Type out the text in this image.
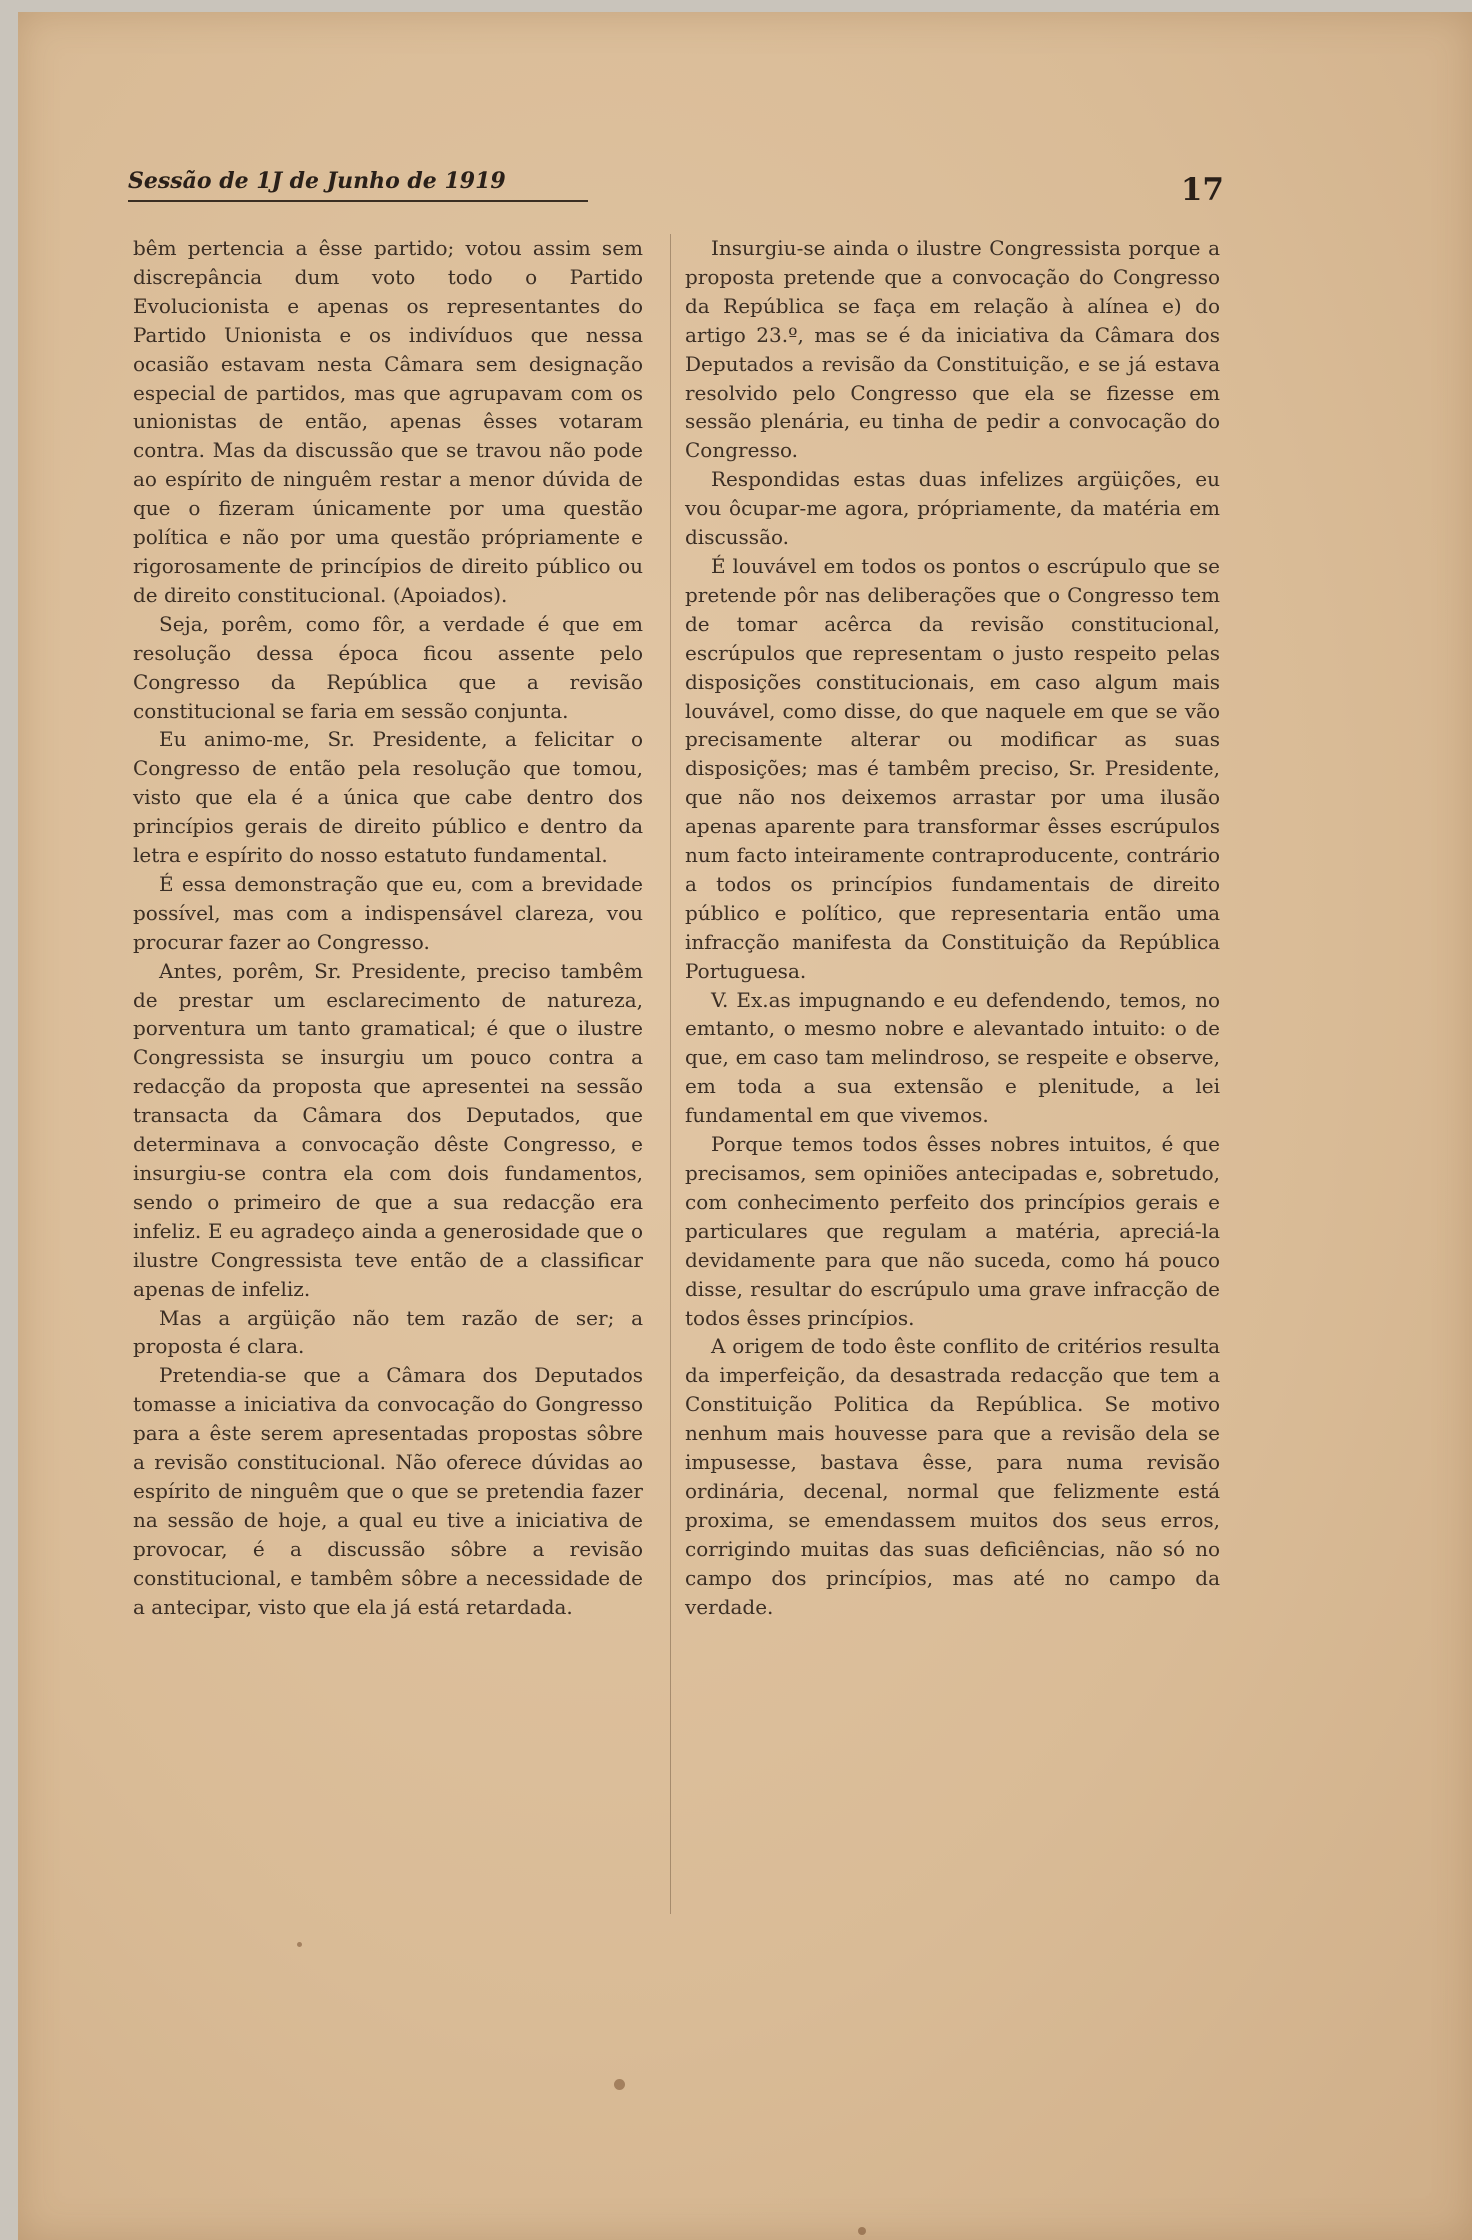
Sessão de 1J de Junho de 1919	17

bêm pertencia a êsse partido; votou assim sem discrepância dum voto todo o Partido Evolucionista e apenas os representantes do Partido Unionista e os indivíduos que nessa ocasião estavam nesta Câmara sem designação especial de partidos, mas que agrupavam com os unionistas de então, apenas êsses votaram contra. Mas da discussão que se travou não pode ao espírito de ninguêm restar a menor dúvida de que o fizeram únicamente por uma questão política e não por uma questão própriamente e rigorosamente de princípios de direito público ou de direito constitucional. (Apoiados).

Seja, porêm, como fôr, a verdade é que em resolução dessa época ficou assente pelo Congresso da República que a revisão constitucional se faria em sessão conjunta.

Eu animo-me, Sr. Presidente, a felicitar o Congresso de então pela resolução que tomou, visto que ela é a única que cabe dentro dos princípios gerais de direito público e dentro da letra e espírito do nosso estatuto fundamental.

É essa demonstração que eu, com a brevidade possível, mas com a indispensável clareza, vou procurar fazer ao Congresso.

Antes, porêm, Sr. Presidente, preciso tambêm de prestar um esclarecimento de natureza, porventura um tanto gramatical; é que o ilustre Congressista se insurgiu um pouco contra a redacção da proposta que apresentei na sessão transacta da Câmara dos Deputados, que determinava a convocação dêste Congresso, e insurgiu-se contra ela com dois fundamentos, sendo o primeiro de que a sua redacção era infeliz. E eu agradeço ainda a generosidade que o ilustre Congressista teve então de a classificar apenas de infeliz.

Mas a argüição não tem razão de ser; a proposta é clara.

Pretendia-se que a Câmara dos Deputados tomasse a iniciativa da convocação do Gongresso para a êste serem apresentadas propostas sôbre a revisão constitucional. Não oferece dúvidas ao espírito de ninguêm que o que se pretendia fazer na sessão de hoje, a qual eu tive a iniciativa de provocar, é a discussão sôbre a revisão constitucional, e tambêm sôbre a necessidade de a antecipar, visto que ela já está retardada.

Insurgiu-se ainda o ilustre Congressista porque a proposta pretende que a convocação do Congresso da República se faça em relação à alínea e) do artigo 23.º, mas se é da iniciativa da Câmara dos Deputados a revisão da Constituição, e se já estava resolvido pelo Congresso que ela se fizesse em sessão plenária, eu tinha de pedir a convocação do Congresso.

Respondidas estas duas infelizes argüições, eu vou ôcupar-me agora, própriamente, da matéria em discussão.

É louvável em todos os pontos o escrúpulo que se pretende pôr nas deliberações que o Congresso tem de tomar acêrca da revisão constitucional, escrúpulos que representam o justo respeito pelas disposições constitucionais, em caso algum mais louvável, como disse, do que naquele em que se vão precisamente alterar ou modificar as suas disposições; mas é tambêm preciso, Sr. Presidente, que não nos deixemos arrastar por uma ilusão apenas aparente para transformar êsses escrúpulos num facto inteiramente contraproducente, contrário a todos os princípios fundamentais de direito público e político, que representaria então uma infracção manifesta da Constituição da República Portuguesa.

V. Ex.as impugnando e eu defendendo, temos, no emtanto, o mesmo nobre e alevantado intuito: o de que, em caso tam melindroso, se respeite e observe, em toda a sua extensão e plenitude, a lei fundamental em que vivemos.

Porque temos todos êsses nobres intuitos, é que precisamos, sem opiniões antecipadas e, sobretudo, com conhecimento perfeito dos princípios gerais e particulares que regulam a matéria, apreciá-la devidamente para que não suceda, como há pouco disse, resultar do escrúpulo uma grave infracção de todos êsses princípios.

A origem de todo êste conflito de critérios resulta da imperfeição, da desastrada redacção que tem a Constituição Politica da República. Se motivo nenhum mais houvesse para que a revisão dela se impusesse, bastava êsse, para numa revisão ordinária, decenal, normal que felizmente está proxima, se emendassem muitos dos seus erros, corrigindo muitas das suas deficiências, não só no campo dos princípios, mas até no campo da verdade.
